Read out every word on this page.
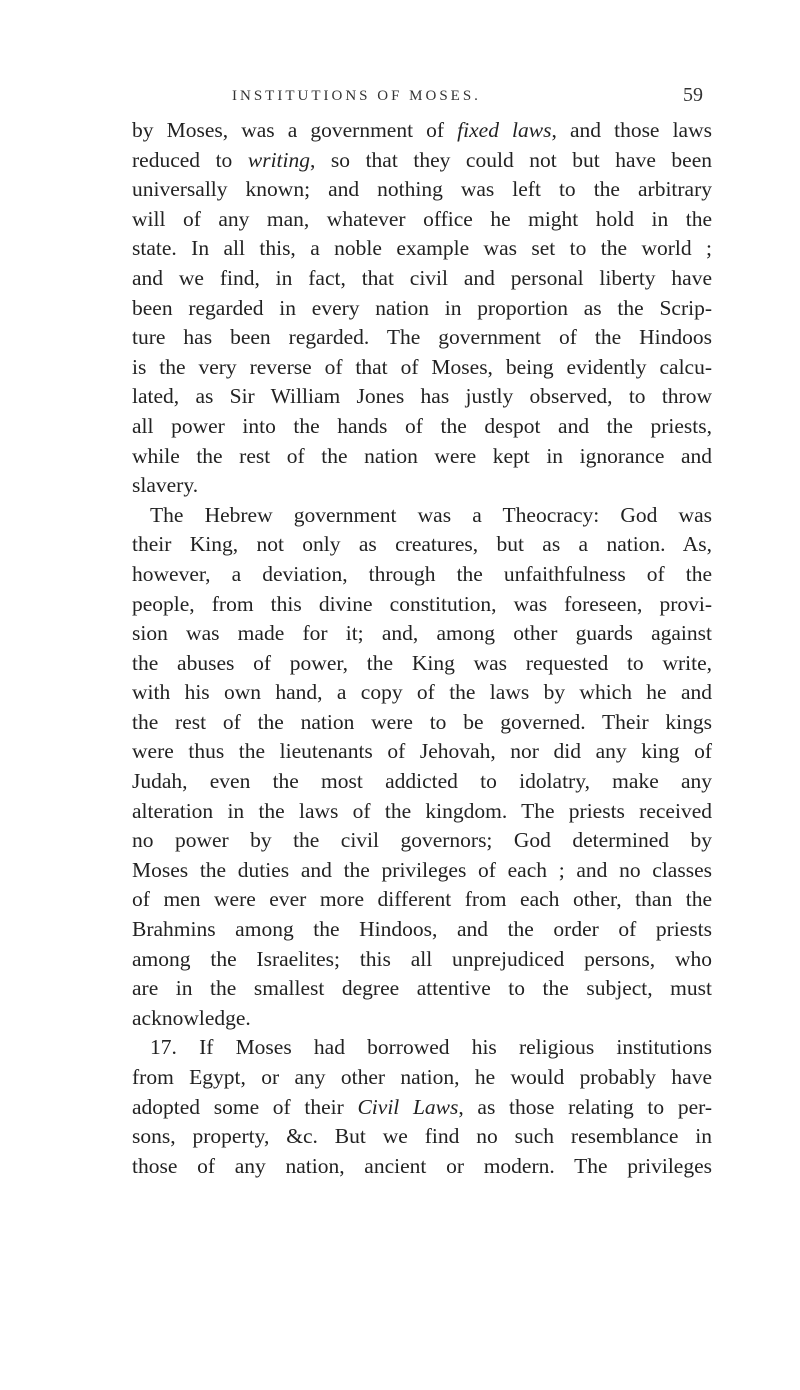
INSTITUTIONS OF MOSES.	59
by Moses, was a government of fixed laws, and those laws
reduced to writing, so that they could not but have been
universally known; and nothing was left to the arbitrary
will of any man, whatever office he might hold in the
state. In all this, a noble example was set to the world ;
and we find, in fact, that civil and personal liberty have
been regarded in every nation in proportion as the Scrip-
ture has been regarded. The government of the Hindoos
is the very reverse of that of Moses, being evidently calcu-
lated, as Sir William Jones has justly observed, to throw
all power into the hands of the despot and the priests,
while the rest of the nation were kept in ignorance and
slavery.
The Hebrew government was a Theocracy: God was
their King, not only as creatures, but as a nation. As,
however, a deviation, through the unfaithfulness of the
people, from this divine constitution, was foreseen, provi-
sion was made for it; and, among other guards against
the abuses of power, the King was requested to write,
with his own hand, a copy of the laws by which he and
the rest of the nation were to be governed. Their kings
were thus the lieutenants of Jehovah, nor did any king of
Judah, even the most addicted to idolatry, make any
alteration in the laws of the kingdom. The priests received
no power by the civil governors; God determined by
Moses the duties and the privileges of each ; and no classes
of men were ever more different from each other, than the
Brahmins among the Hindoos, and the order of priests
among the Israelites; this all unprejudiced persons, who
are in the smallest degree attentive to the subject, must
acknowledge.
17. If Moses had borrowed his religious institutions
from Egypt, or any other nation, he would probably have
adopted some of their Civil Laws, as those relating to per-
sons, property, &c. But we find no such resemblance in
those of any nation, ancient or modern. The privileges
